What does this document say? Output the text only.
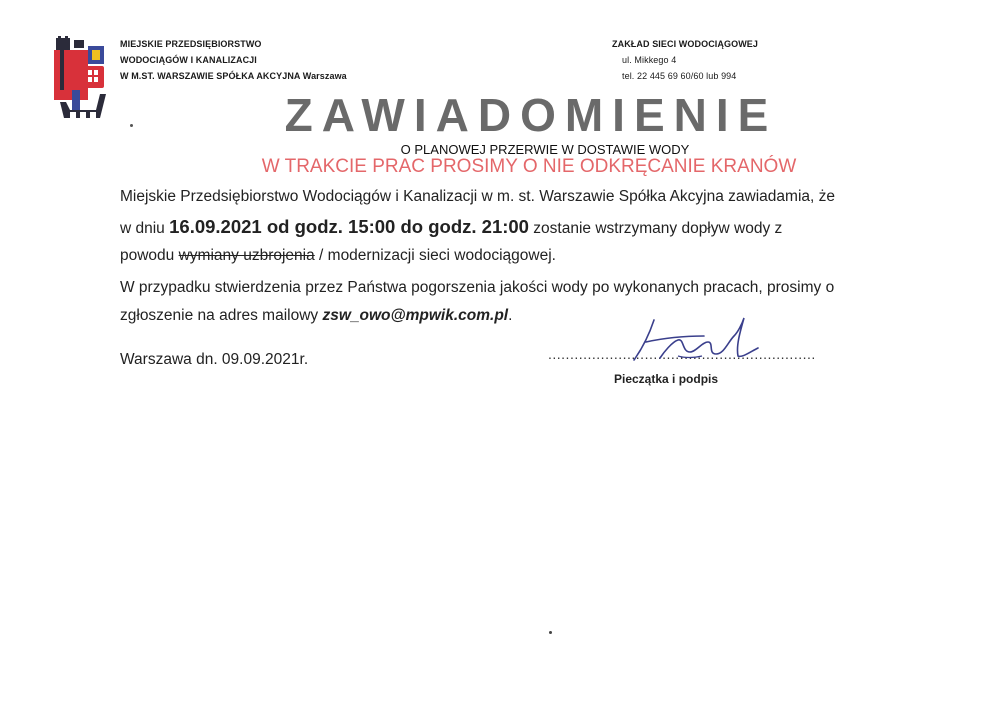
MIEJSKIE PRZEDSIĘBIORSTWO
WODOCIĄGÓW I KANALIZACJI
W M.ST. WARSZAWIE SPÓŁKA AKCYJNA Warszawa
ZAKŁAD SIECI WODOCIĄGOWEJ
ul. Mikkego 4
tel. 22 445 69 60/60 lub 994
ZAWIADOMIENIE
O PLANOWEJ PRZERWIE W DOSTAWIE WODY
W TRAKCIE PRAC PROSIMY O NIE ODKRĘCANIE KRANÓW
Miejskie Przedsiębiorstwo Wodociągów i Kanalizacji w m. st. Warszawie Spółka Akcyjna zawiadamia, że
w dniu 16.09.2021 od godz. 15:00 do godz. 21:00 zostanie wstrzymany dopływ wody z
powodu wymiany uzbrojenia / modernizacji sieci wodociągowej.
W przypadku stwierdzenia przez Państwa pogorszenia jakości wody po wykonanych pracach, prosimy o
zgłoszenie na adres mailowy zsw_owo@mpwik.com.pl.
Warszawa dn. 09.09.2021r.	.............................................................
Pieczątka i podpis
